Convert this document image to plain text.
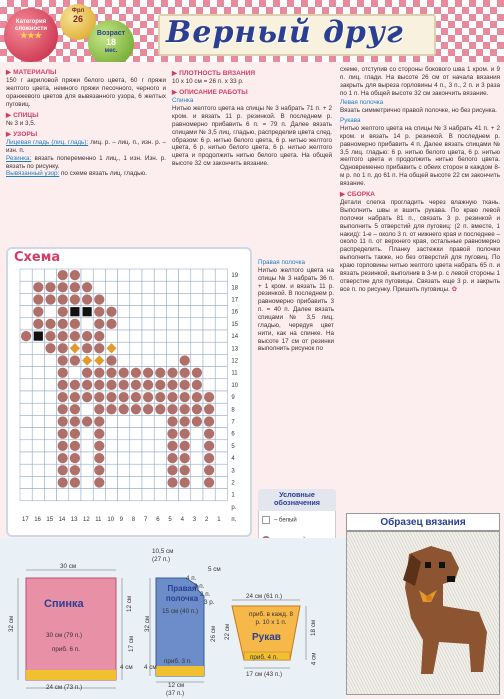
Верный друг
Категория сложности
★★★
Фрл
26
Возраст
18
мес.
▶ МАТЕРИАЛЫ
150 г акриловой пряжи белого цвета, 60 г пряжи желтого цвета, немного пряжи песочного, черного и оранжевого цветов для вывязанного узора, 6 желтых пуговиц.
▶ СПИЦЫ
№ 3 и 3,5.
▶ УЗОРЫ
Лицевая гладь (лиц. гладь): лиц. р. – лиц. п., изн. р. – изн. п.
Резинка: вязать попеременно 1 лиц., 1 изн. Изн. р. вязать по рисунку.
Вывязанный узор: по схеме вязать лиц. гладью.
▶ ПЛОТНОСТЬ ВЯЗАНИЯ
10 х 10 см = 26 п. х 33 р.
▶ ОПИСАНИЕ РАБОТЫ
Спинка
Нитью желтого цвета на спицы № 3 набрать 71 п. + 2 кром. и вязать 11 р. резинкой. В последнем р. равномерно прибавить 6 п. = 79 п. Далее вязать спицами № 3,5 лиц. гладью, распределив цвета след. образом: 6 р. нитью белого цвета, 6 р. нитью желтого цвета, 6 р. нитью белого цвета, 6 р. нитью желтого цвета и продолжить нитью белого цвета. На общей высоте 32 см закончить вязание.
Правая полочка
Нитью желтого цвета на спицы № 3 набрать 36 п. + 1 кром. и вязать 11 р. резинкой. В последнем р. равномерно прибавить 3 п. = 40 п. Далее вязать спицами № 3,5 лиц. гладью, чередуя цвет нити, как на спинке. На высоте 17 см от резинки выполнить рисунок по
схеме, отступив со стороны бокового шва 1 кром. и 9 п. лиц. глади. На высоте 26 см от начала вязания закрыть для выреза горловины 4 п., 3 п., 2 п. и 3 раза по 1 п. На общей высоте 32 см закончить вязание.
Левая полочка
Вязать симметрично правой полочке, но без рисунка.
Рукава
Нитью желтого цвета на спицы № 3 набрать 41 п. + 2 кром. и вязать 14 р. резинкой. В последнем р. равномерно прибавить 4 п. Далее вязать спицами № 3,5 лиц. гладью: 6 р. нитью белого цвета, 6 р. нитью желтого цвета и продолжить нитью белого цвета. Одновременно прибавить с обеих сторон в каждом 8-м р. по 1 п. до 61 п. На общей высоте 22 см закончить вязание.
▶ СБОРКА
Детали слегка прогладить через влажную ткань. Выполнить швы и вшить рукава. По краю левой полочки набрать 81 п., связать 3 р. резинкой и выполнить 5 отверстий для пуговиц: (2 п. вместе, 1 накид): 1-е – около 3 п. от нижнего края и последнее – около 11 п. от верхнего края, остальные равномерно распределить. Планку застежки правой полочки выполнить также, но без отверстий для пуговиц. По краю горловины нитью желтого цвета набрать 65 п. и вязать резинкой, выполнив в 3-м р. с левой стороны 1 отверстие для пуговицы. Связать еще 3 р. и закрыть все п. по рисунку. Пришить пуговицы. ✿
Схема
19
18
17
16
15
14
13
12
11
10
9
8
7
6
5
4
3
2
1
р.
17 16 15 14 13 12 11 10 9 8 7 6 5 4 3 2 1 п.
Условные обозначения
– белый	Образец вязания
30 см
Спинка
30 см (79 п.)
приб. 6 п.
24 см (73 п.)
32 см
4 см
10,5 см
(27 п.)
5 см
4 п.
3 п.
2 п.
3 р.
Правая полочка
15 см (40 п.)
приб. 3 п.
12 см
(37 п.)
12 см
17 см
26 см
32 см
4 см
24 см (61 п.)
приб. в кажд. 8 р. 10 х 1 п.
Рукав
приб. 4 п.
17 см (43 п.)
22 см	18 см
4 см
